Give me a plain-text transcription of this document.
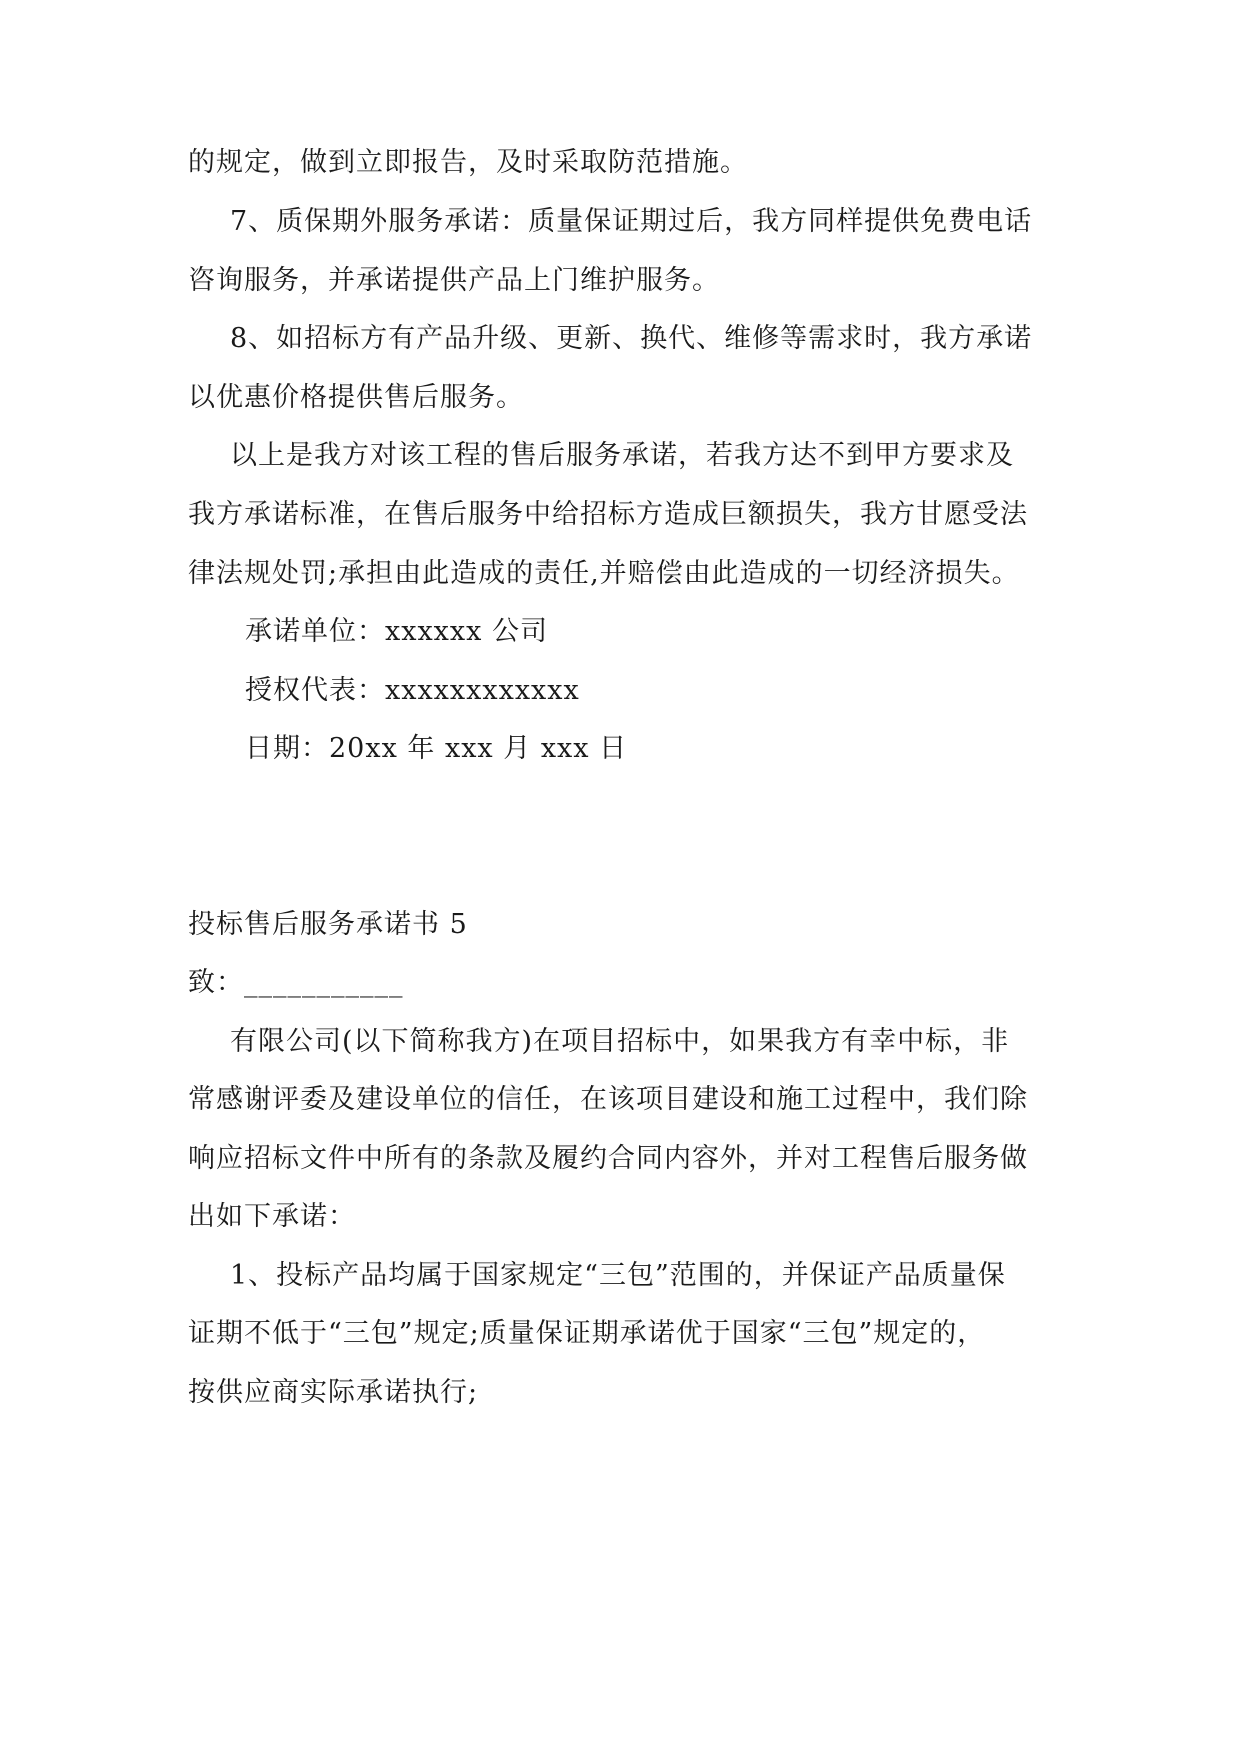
的规定，做到立即报告，及时采取防范措施。
7、质保期外服务承诺：质量保证期过后，我方同样提供免费电话
咨询服务，并承诺提供产品上门维护服务。
8、如招标方有产品升级、更新、换代、维修等需求时，我方承诺
以优惠价格提供售后服务。
以上是我方对该工程的售后服务承诺，若我方达不到甲方要求及
我方承诺标准，在售后服务中给招标方造成巨额损失，我方甘愿受法
律法规处罚;承担由此造成的责任,并赔偿由此造成的一切经济损失。
承诺单位：xxxxxx 公司
授权代表：xxxxxxxxxxxx
日期：20xx 年 xxx 月 xxx 日
投标售后服务承诺书 5
致：___________
有限公司(以下简称我方)在项目招标中，如果我方有幸中标，非
常感谢评委及建设单位的信任，在该项目建设和施工过程中，我们除
响应招标文件中所有的条款及履约合同内容外，并对工程售后服务做
出如下承诺：
1、投标产品均属于国家规定“三包”范围的，并保证产品质量保
证期不低于“三包”规定;质量保证期承诺优于国家“三包”规定的，
按供应商实际承诺执行;
